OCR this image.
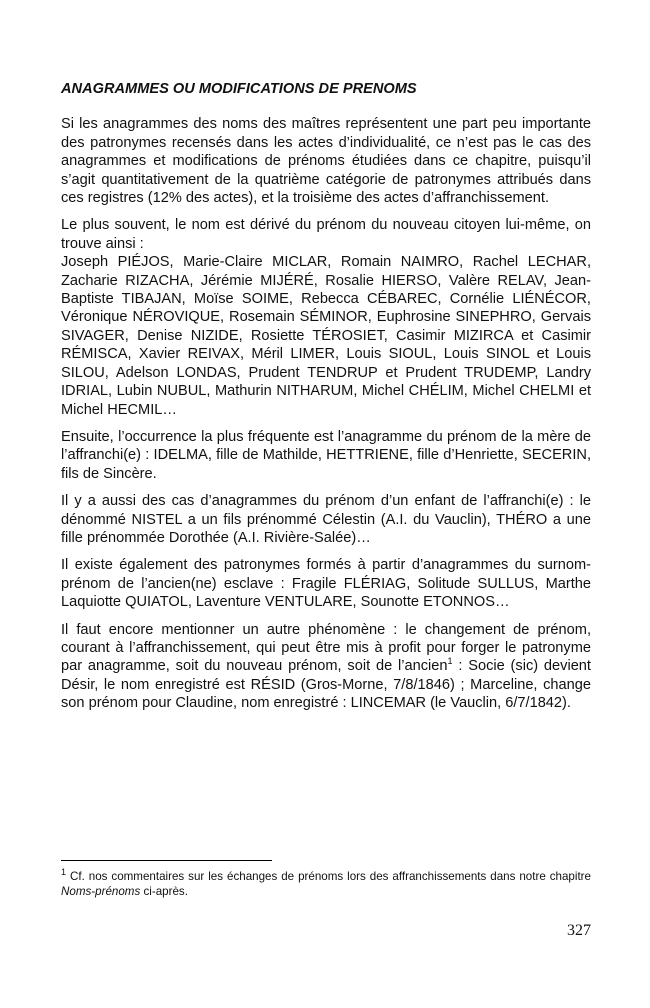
ANAGRAMMES OU MODIFICATIONS DE PRENOMS

Si les anagrammes des noms des maîtres représentent une part peu importante des patronymes recensés dans les actes d’individualité, ce n’est pas le cas des anagrammes et modifications de prénoms étudiées dans ce chapitre, puisqu’il s’agit quantitativement de la quatrième catégorie de patronymes attribués dans ces registres (12% des actes), et la troisième des actes d’affranchissement.

Le plus souvent, le nom est dérivé du prénom du nouveau citoyen lui-même, on trouve ainsi :
Joseph PIÉJOS, Marie-Claire MICLAR, Romain NAIMRO, Rachel LECHAR, Zacharie RIZACHA, Jérémie MIJÉRÉ, Rosalie HIERSO, Valère RELAV, Jean-Baptiste TIBAJAN, Moïse SOIME, Rebecca CÉBAREC, Cornélie LIÉNÉCOR, Véronique NÉROVIQUE, Rosemain SÉMINOR, Euphrosine SINEPHRO, Gervais SIVAGER, Denise NIZIDE, Rosiette TÉROSIET, Casimir MIZIRCA et Casimir RÉMISCA, Xavier REIVAX, Méril LIMER, Louis SIOUL, Louis SINOL et Louis SILOU, Adelson LONDAS, Prudent TENDRUP et Prudent TRUDEMP, Landry IDRIAL, Lubin NUBUL, Mathurin NITHARUM, Michel CHÉLIM, Michel CHELMI et Michel HECMIL…

Ensuite, l’occurrence la plus fréquente est l’anagramme du prénom de la mère de l’affranchi(e) : IDELMA, fille de Mathilde, HETTRIENE, fille d’Henriette, SECERIN, fils de Sincère.

Il y a aussi des cas d’anagrammes du prénom d’un enfant de l’affranchi(e) : le dénommé NISTEL a un fils prénommé Célestin (A.I. du Vauclin), THÉRO a une fille prénommée Dorothée (A.I. Rivière-Salée)…

Il existe également des patronymes formés à partir d’anagrammes du surnom-prénom de l’ancien(ne) esclave : Fragile FLÉRIAG, Solitude SULLUS, Marthe Laquiotte QUIATOL, Laventure VENTULARE, Sounotte ETONNOS…

Il faut encore mentionner un autre phénomène : le changement de prénom, courant à l’affranchissement, qui peut être mis à profit pour forger le patronyme par anagramme, soit du nouveau prénom, soit de l’ancien$^1$ : Socie (sic) devient Désir, le nom enregistré est RÉSID (Gros-Morne, 7/8/1846) ; Marceline, change son prénom pour Claudine, nom enregistré : LINCEMAR (le Vauclin, 6/7/1842).

$^1$ Cf. nos commentaires sur les échanges de prénoms lors des affranchissements dans notre chapitre Noms-prénoms ci-après.
327
